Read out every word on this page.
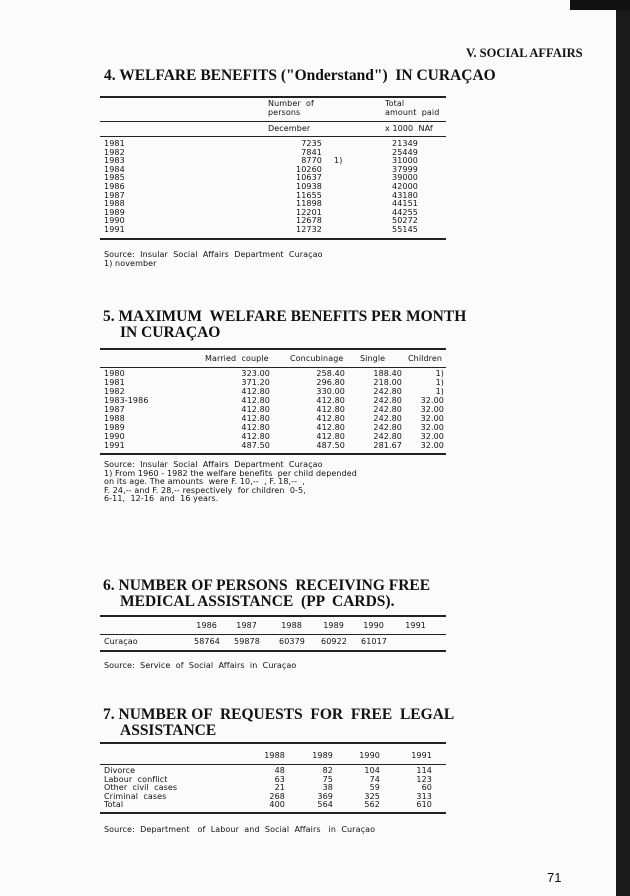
V. SOCIAL AFFAIRS
4. WELFARE BENEFITS ("Onderstand")  IN CURAÇAO
Number  of
persons
Total
amount  paid
December	x 1000  NAf
1981	7235	21349
1982	7841	25449
1983	8770 1)	31000
1984	10260	37999
1985	10637	39000
1986	10938	42000
1987	11655	43180
1988	11898	44151
1989	12201	44255
1990	12678	50272
1991	12732	55145
Source:  Insular  Social  Affairs  Department  Curaçao
1) november
5. MAXIMUM  WELFARE BENEFITS PER MONTH
IN CURAÇAO
Married  couple	Concubinage Single	Children
1980	323.00	258.40	188.40	1)
1981	371.20	296.80	218.00	1)
1982	412.80	330.00	242.80	1)
1983-1986	412.80	412.80	242.80 32.00
1987	412.80	412.80	242.80 32.00
1988	412.80	412.80	242.80 32.00
1989	412.80	412.80	242.80 32.00
1990	412.80	412.80	242.80 32.00
1991	487.50	487.50	281.67 32.00
Source:  Insular  Social  Affairs  Department  Curaçao
1) From 1960 - 1982 the welfare benefits  per child depended
on its age. The amounts  were F. 10,--  , F. 18,--  ,
F. 24,-- and F. 28,-- respectively  for children  0-5,
6-11,  12-16  and  16 years.
6. NUMBER OF PERSONS  RECEIVING FREE
MEDICAL ASSISTANCE  (PP  CARDS).
1986 1987	1988	1989 1990	1991
Curaçao	58764 59878 60379 60922 61017
Source:  Service  of  Social  Affairs  in  Curaçao
7. NUMBER OF  REQUESTS  FOR  FREE  LEGAL
ASSISTANCE
1988	1989	1990	1991
Divorce	48	82	104	114
Labour  conflict	63	75	74	123
Other  civil  cases	21	38	59	60
Criminal  cases	268	369	325	313
Total	400	564	562	610
Source:  Department   of  Labour  and  Social  Affairs   in  Curaçao
71
